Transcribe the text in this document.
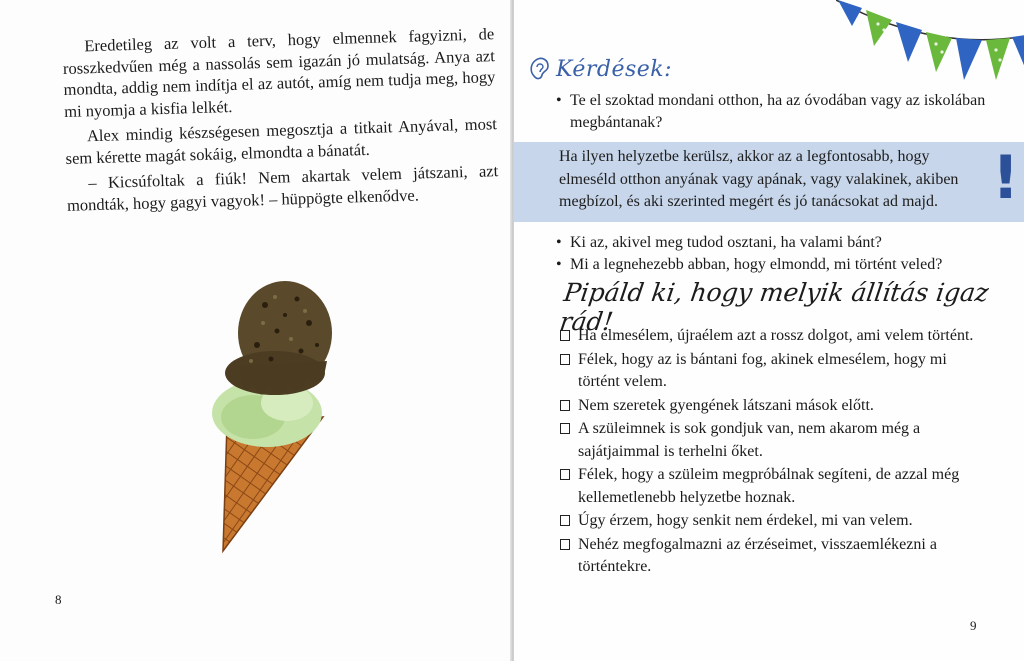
Eredetileg az volt a terv, hogy elmennek fagyizni, de rosszkedvűen még a nassolás sem igazán jó mulatság. Anya azt mondta, addig nem indítja el az autót, amíg nem tudja meg, hogy mi nyomja a kisfia lelkét.

Alex mindig készségesen megosztja a titkait Anyával, most sem kérette magát sokáig, elmondta a bánatát.

– Kicsúfoltak a fiúk! Nem akartak velem játszani, azt mondták, hogy gagyi vagyok! – hüppögte elkenődve.

8
Kérdések:
• Te el szoktad mondani otthon, ha az óvodában vagy az iskolában megbántanak?
Ha ilyen helyzetbe kerülsz, akkor az a legfontosabb, hogy elmeséld otthon anyának vagy apának, vagy valakinek, akiben megbízol, és aki szerinted megért és jó tanácsokat ad majd. !
• Ki az, akivel meg tudod osztani, ha valami bánt?
• Mi a legnehezebb abban, hogy elmondd, mi történt veled?
Pipáld ki, hogy melyik állítás igaz rád!
Ha elmesélem, újraélem azt a rossz dolgot, ami velem történt.
Félek, hogy az is bántani fog, akinek elmesélem, hogy mi történt velem.
Nem szeretek gyengének látszani mások előtt.
A szüleimnek is sok gondjuk van, nem akarom még a sajátjaimmal is terhelni őket.
Félek, hogy a szüleim megpróbálnak segíteni, de azzal még kellemetlenebb helyzetbe hoznak.
Úgy érzem, hogy senkit nem érdekel, mi van velem.
Nehéz megfogalmazni az érzéseimet, visszaemlékezni a történtekre.
9
